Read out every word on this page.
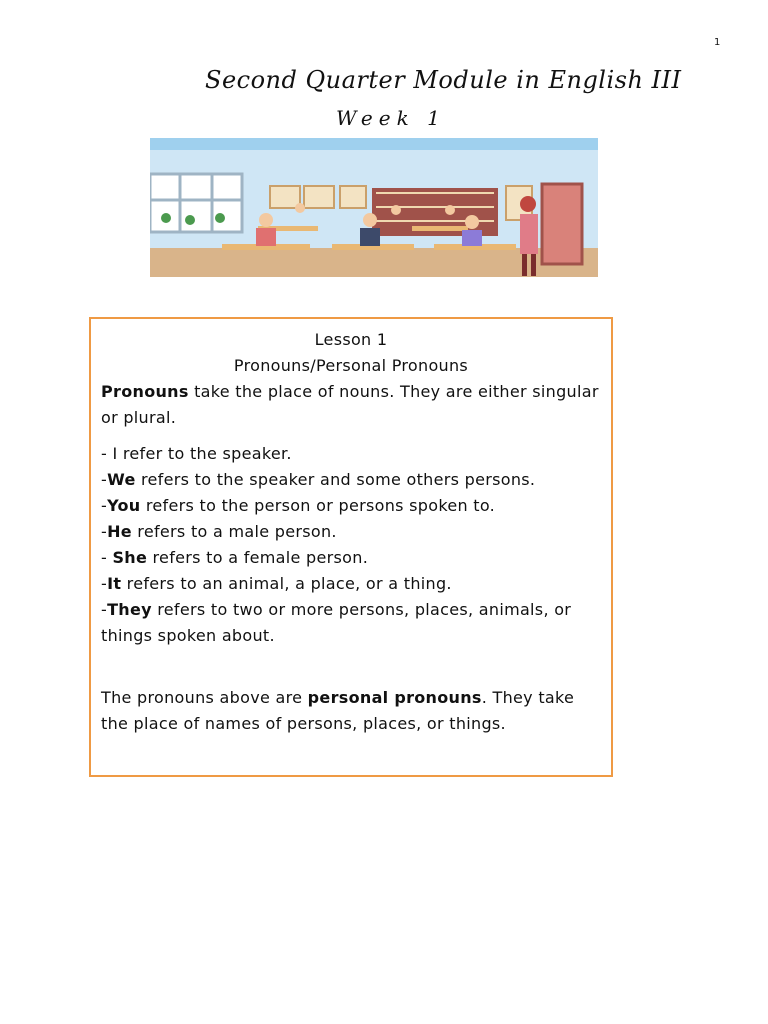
1
Second Quarter Module in English III
Week 1

Lesson 1

Pronouns/Personal Pronouns

Pronouns take the place of nouns. They are either singular or plural.

- I refer to the speaker.

-We refers to the speaker and some others persons.

-You refers to the person or persons spoken to.

-He refers to a male person.

- She refers to a female person.

-It refers to an animal, a place, or a thing.

-They refers to two or more persons, places, animals, or things spoken about.

The pronouns above are personal pronouns. They take the place of names of persons, places, or things.
